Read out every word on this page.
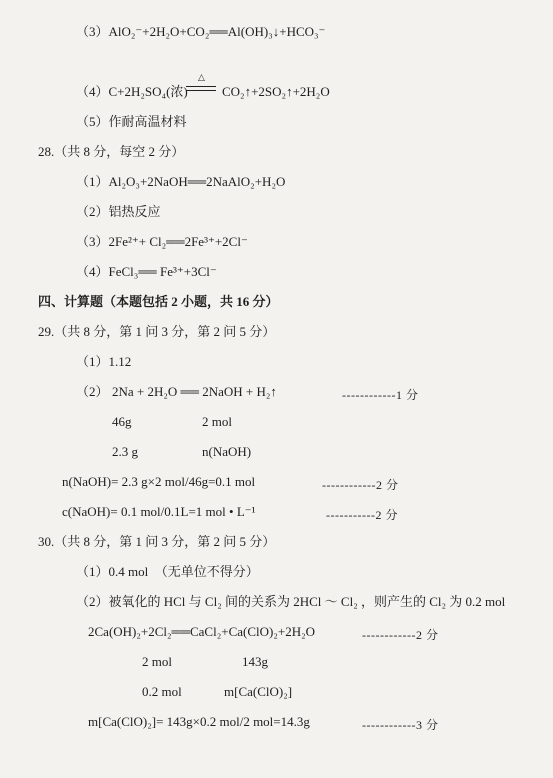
（3）AlO₂⁻+2H₂O+CO₂══Al(OH)₃↓+HCO₃⁻
（4）C+2H₂SO₄(浓)
△
CO₂↑+2SO₂↑+2H₂O
（5）作耐高温材料
28.（共 8 分，每空 2 分）
（1）Al₂O₃+2NaOH══2NaAlO₂+H₂O
（2）铝热反应
（3）2Fe²⁺+ Cl₂══2Fe³⁺+2Cl⁻
（4）FeCl₃══ Fe³⁺+3Cl⁻
四、计算题（本题包括 2 小题，共 16 分）
29.（共 8 分，第 1 问 3 分，第 2 问 5 分）
（1）1.12
（2） 2Na + 2H₂O ══ 2NaOH + H₂↑	------------1 分
46g	2 mol
2.3 g	n(NaOH)
n(NaOH)= 2.3 g×2 mol/46g=0.1 mol	------------2 分
c(NaOH)= 0.1 mol/0.1L=1 mol • L⁻¹	-----------2 分
30.（共 8 分，第 1 问 3 分，第 2 问 5 分）
（1）0.4 mol　（无单位不得分）
（2）被氧化的 HCl 与 Cl₂ 间的关系为 2HCl ～ Cl₂ ，则产生的 Cl₂ 为 0.2 mol
2Ca(OH)₂+2Cl₂══CaCl₂+Ca(ClO)₂+2H₂O	------------2 分
2 mol	143g
0.2 mol	m[Ca(ClO)₂]
m[Ca(ClO)₂]= 143g×0.2 mol/2 mol=14.3g	------------3 分
